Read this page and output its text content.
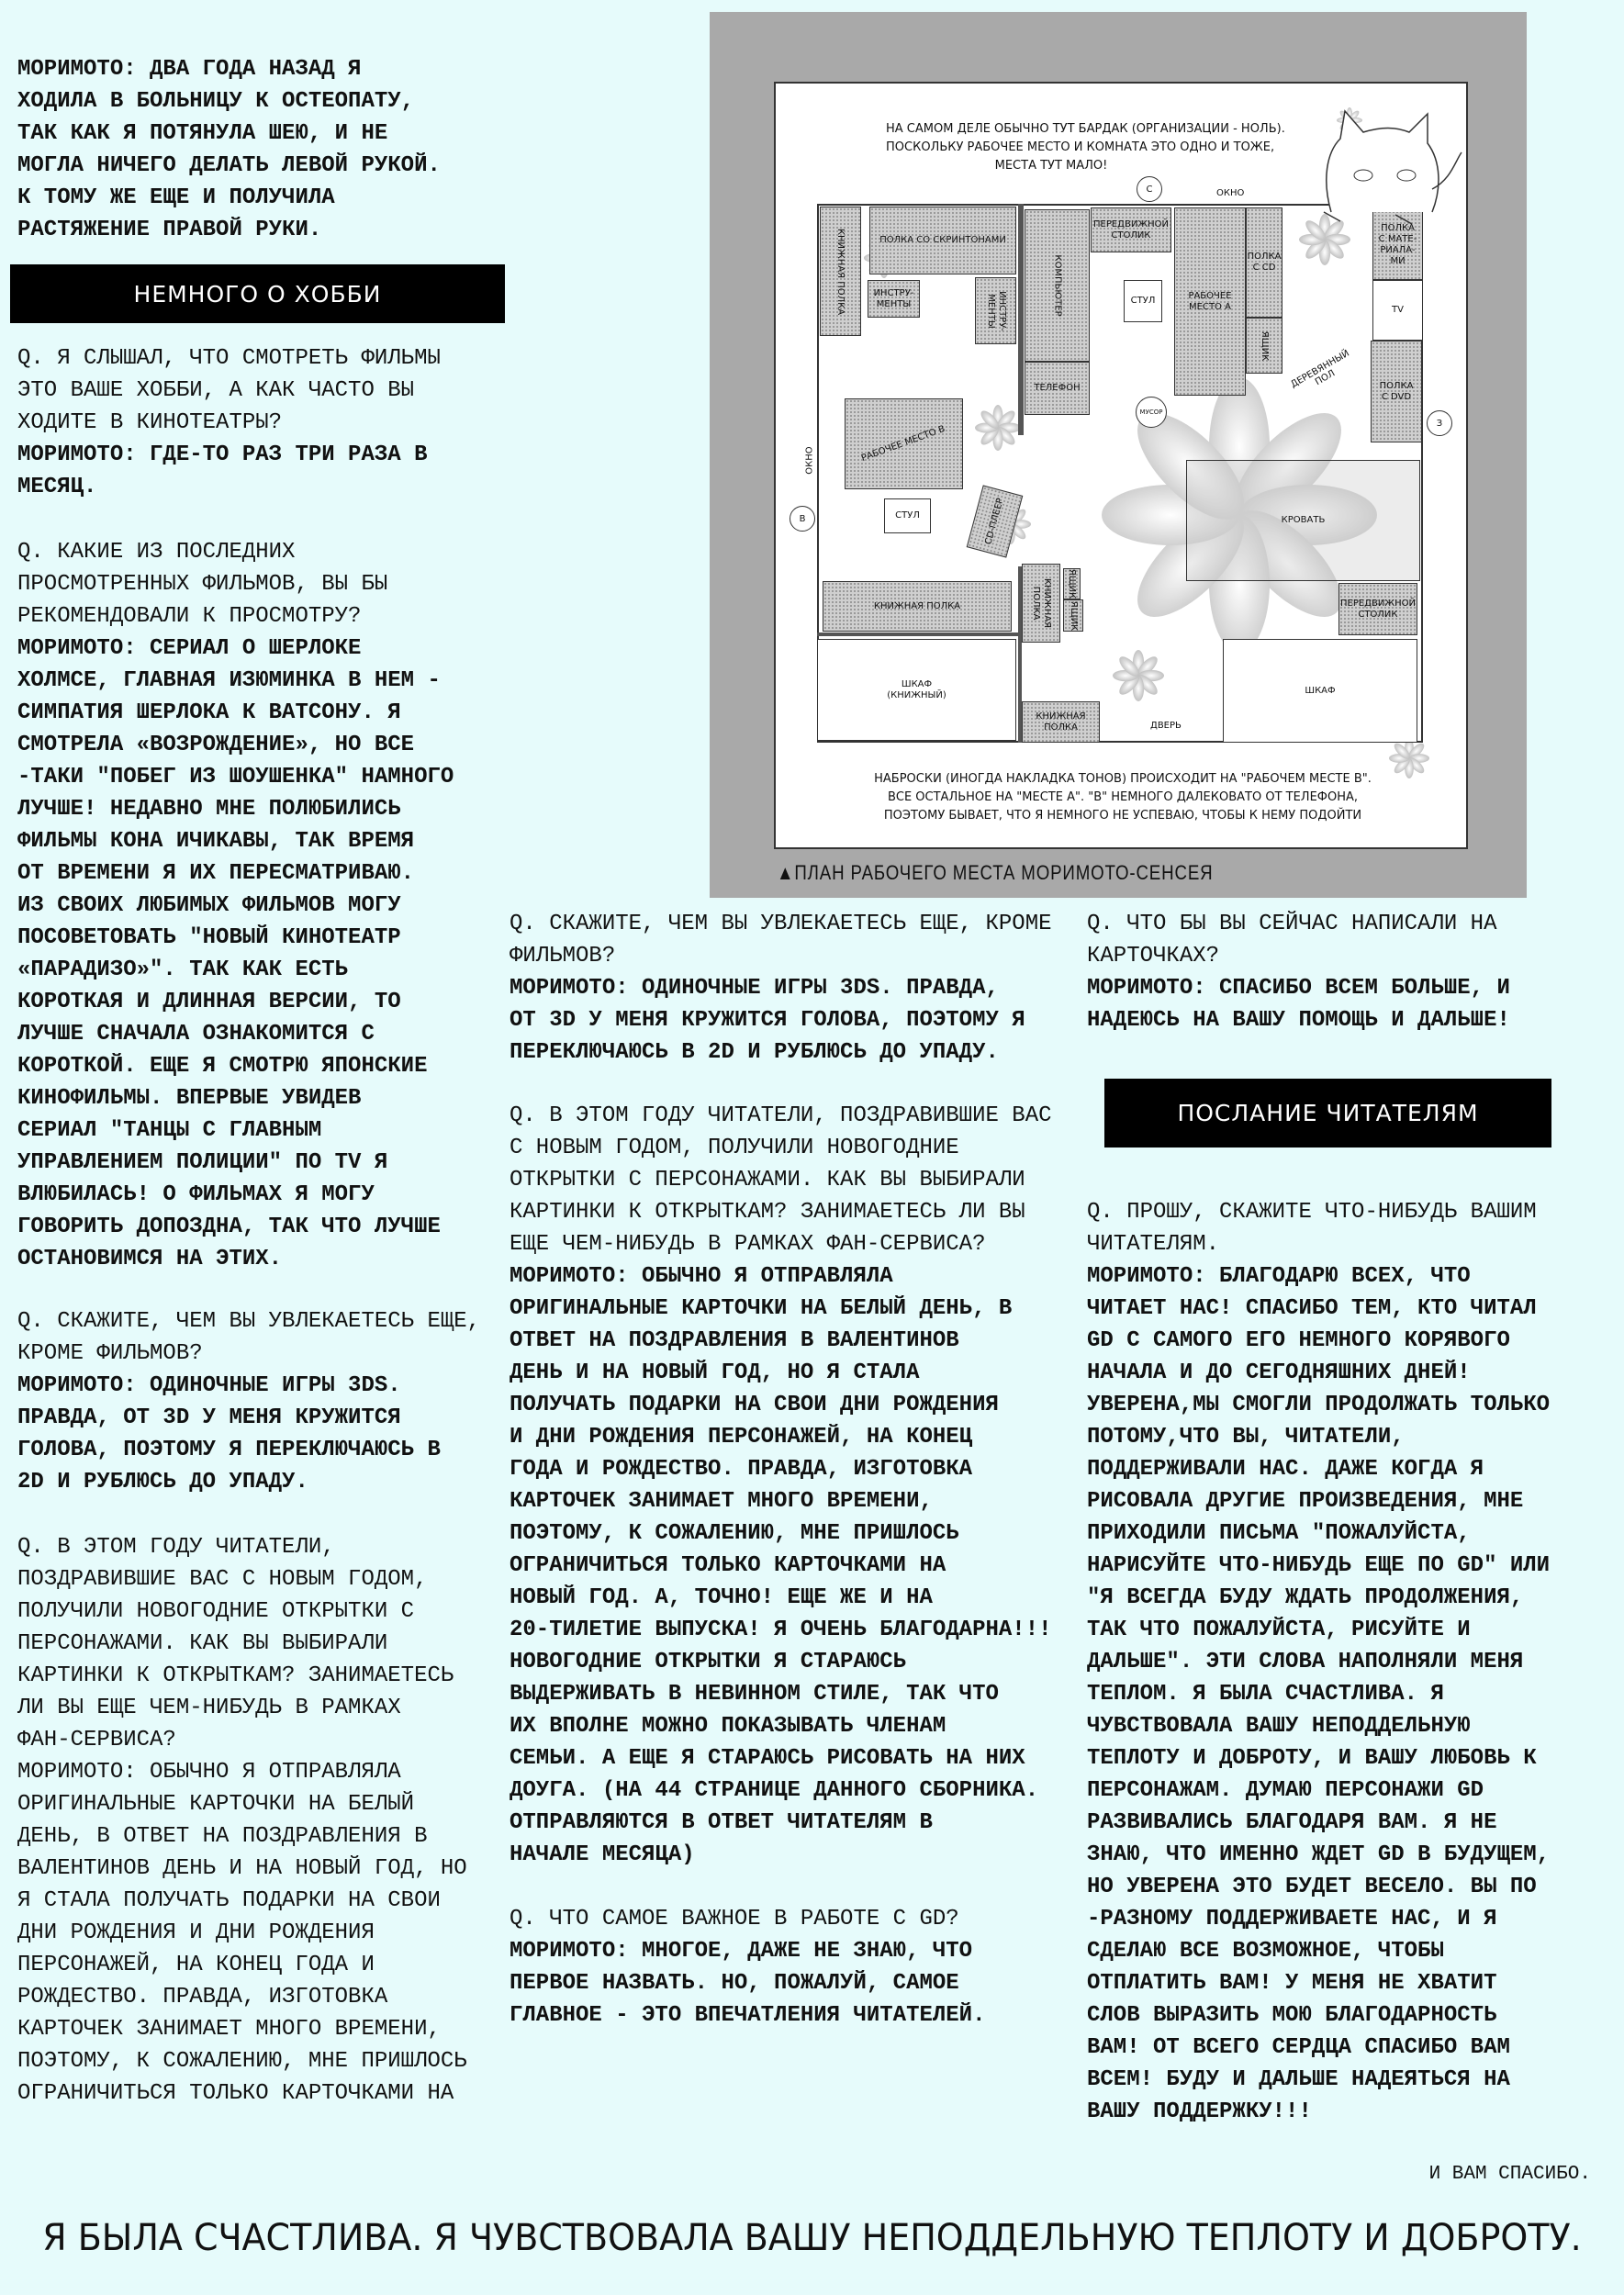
МОРИМОТО: ДВА ГОДА НАЗАД Я
ХОДИЛА В БОЛЬНИЦУ К ОСТЕОПАТУ,
ТАК КАК Я ПОТЯНУЛА ШЕЮ, И НЕ
МОГЛА НИЧЕГО ДЕЛАТЬ ЛЕВОЙ РУКОЙ.
К ТОМУ ЖЕ ЕЩЕ И ПОЛУЧИЛА
РАСТЯЖЕНИЕ ПРАВОЙ РУКИ.
НЕМНОГО О ХОББИ
Q. Я СЛЫШАЛ, ЧТО СМОТРЕТЬ ФИЛЬМЫ
ЭТО ВАШЕ ХОББИ, А КАК ЧАСТО ВЫ
ХОДИТЕ В КИНОТЕАТРЫ?
МОРИМОТО: ГДЕ-ТО РАЗ ТРИ РАЗА В
МЕСЯЦ.
Q. КАКИЕ ИЗ ПОСЛЕДНИХ
ПРОСМОТРЕННЫХ ФИЛЬМОВ, ВЫ БЫ
РЕКОМЕНДОВАЛИ К ПРОСМОТРУ?
МОРИМОТО: СЕРИАЛ О ШЕРЛОКЕ
ХОЛМСЕ, ГЛАВНАЯ ИЗЮМИНКА В НЕМ -
СИМПАТИЯ ШЕРЛОКА К ВАТСОНУ. Я
СМОТРЕЛА «ВОЗРОЖДЕНИЕ», НО ВСЕ
-ТАКИ "ПОБЕГ ИЗ ШОУШЕНКА" НАМНОГО
ЛУЧШЕ! НЕДАВНО МНЕ ПОЛЮБИЛИСЬ
ФИЛЬМЫ КОНА ИЧИКАВЫ, ТАК ВРЕМЯ
ОТ ВРЕМЕНИ Я ИХ ПЕРЕСМАТРИВАЮ.
ИЗ СВОИХ ЛЮБИМЫХ ФИЛЬМОВ МОГУ
ПОСОВЕТОВАТЬ "НОВЫЙ КИНОТЕАТР
«ПАРАДИЗО»". ТАК КАК ЕСТЬ
КОРОТКАЯ И ДЛИННАЯ ВЕРСИИ, ТО
ЛУЧШЕ СНАЧАЛА ОЗНАКОМИТСЯ С
КОРОТКОЙ. ЕЩЕ Я СМОТРЮ ЯПОНСКИЕ
КИНОФИЛЬМЫ. ВПЕРВЫЕ УВИДЕВ
СЕРИАЛ "ТАНЦЫ С ГЛАВНЫМ
УПРАВЛЕНИЕМ ПОЛИЦИИ" ПО TV Я
ВЛЮБИЛАСЬ! О ФИЛЬМАХ Я МОГУ
ГОВОРИТЬ ДОПОЗДНА, ТАК ЧТО ЛУЧШЕ
ОСТАНОВИМСЯ НА ЭТИХ.
Q. СКАЖИТЕ, ЧЕМ ВЫ УВЛЕКАЕТЕСЬ ЕЩЕ,
КРОМЕ ФИЛЬМОВ?
МОРИМОТО: ОДИНОЧНЫЕ ИГРЫ 3DS.
ПРАВДА, ОТ 3D У МЕНЯ КРУЖИТСЯ
ГОЛОВА, ПОЭТОМУ Я ПЕРЕКЛЮЧАЮСЬ В
2D И РУБЛЮСЬ ДО УПАДУ.
Q. В ЭТОМ ГОДУ ЧИТАТЕЛИ,
ПОЗДРАВИВШИЕ ВАС С НОВЫМ ГОДОМ,
ПОЛУЧИЛИ НОВОГОДНИЕ ОТКРЫТКИ С
ПЕРСОНАЖАМИ. КАК ВЫ ВЫБИРАЛИ
КАРТИНКИ К ОТКРЫТКАМ? ЗАНИМАЕТЕСЬ
ЛИ ВЫ ЕЩЕ ЧЕМ-НИБУДЬ В РАМКАХ
ФАН-СЕРВИСА?
МОРИМОТО: ОБЫЧНО Я ОТПРАВЛЯЛА
ОРИГИНАЛЬНЫЕ КАРТОЧКИ НА БЕЛЫЙ
ДЕНЬ, В ОТВЕТ НА ПОЗДРАВЛЕНИЯ В
ВАЛЕНТИНОВ ДЕНЬ И НА НОВЫЙ ГОД, НО
Я СТАЛА ПОЛУЧАТЬ ПОДАРКИ НА СВОИ
ДНИ РОЖДЕНИЯ И ДНИ РОЖДЕНИЯ
ПЕРСОНАЖЕЙ, НА КОНЕЦ ГОДА И
РОЖДЕСТВО. ПРАВДА, ИЗГОТОВКА
КАРТОЧЕК ЗАНИМАЕТ МНОГО ВРЕМЕНИ,
ПОЭТОМУ, К СОЖАЛЕНИЮ, МНЕ ПРИШЛОСЬ
ОГРАНИЧИТЬСЯ ТОЛЬКО КАРТОЧКАМИ НА
Q. СКАЖИТЕ, ЧЕМ ВЫ УВЛЕКАЕТЕСЬ ЕЩЕ, КРОМЕ
ФИЛЬМОВ?
МОРИМОТО: ОДИНОЧНЫЕ ИГРЫ 3DS. ПРАВДА,
ОТ 3D У МЕНЯ КРУЖИТСЯ ГОЛОВА, ПОЭТОМУ Я
ПЕРЕКЛЮЧАЮСЬ В 2D И РУБЛЮСЬ ДО УПАДУ.
Q. В ЭТОМ ГОДУ ЧИТАТЕЛИ, ПОЗДРАВИВШИЕ ВАС
С НОВЫМ ГОДОМ, ПОЛУЧИЛИ НОВОГОДНИЕ
ОТКРЫТКИ С ПЕРСОНАЖАМИ. КАК ВЫ ВЫБИРАЛИ
КАРТИНКИ К ОТКРЫТКАМ? ЗАНИМАЕТЕСЬ ЛИ ВЫ
ЕЩЕ ЧЕМ-НИБУДЬ В РАМКАХ ФАН-СЕРВИСА?
МОРИМОТО: ОБЫЧНО Я ОТПРАВЛЯЛА
ОРИГИНАЛЬНЫЕ КАРТОЧКИ НА БЕЛЫЙ ДЕНЬ, В
ОТВЕТ НА ПОЗДРАВЛЕНИЯ В ВАЛЕНТИНОВ
ДЕНЬ И НА НОВЫЙ ГОД, НО Я СТАЛА
ПОЛУЧАТЬ ПОДАРКИ НА СВОИ ДНИ РОЖДЕНИЯ
И ДНИ РОЖДЕНИЯ ПЕРСОНАЖЕЙ, НА КОНЕЦ
ГОДА И РОЖДЕСТВО. ПРАВДА, ИЗГОТОВКА
КАРТОЧЕК ЗАНИМАЕТ МНОГО ВРЕМЕНИ,
ПОЭТОМУ, К СОЖАЛЕНИЮ, МНЕ ПРИШЛОСЬ
ОГРАНИЧИТЬСЯ ТОЛЬКО КАРТОЧКАМИ НА
НОВЫЙ ГОД. А, ТОЧНО! ЕЩЕ ЖЕ И НА
20-ТИЛЕТИЕ ВЫПУСКА! Я ОЧЕНЬ БЛАГОДАРНА!!!
НОВОГОДНИЕ ОТКРЫТКИ Я СТАРАЮСЬ
ВЫДЕРЖИВАТЬ В НЕВИННОМ СТИЛЕ, ТАК ЧТО
ИХ ВПОЛНЕ МОЖНО ПОКАЗЫВАТЬ ЧЛЕНАМ
СЕМЬИ. А ЕЩЕ Я СТАРАЮСЬ РИСОВАТЬ НА НИХ
ДОУГА. (НА 44 СТРАНИЦЕ ДАННОГО СБОРНИКА.
ОТПРАВЛЯЮТСЯ В ОТВЕТ ЧИТАТЕЛЯМ В
НАЧАЛЕ МЕСЯЦА)
Q. ЧТО САМОЕ ВАЖНОЕ В РАБОТЕ С GD?
МОРИМОТО: МНОГОЕ, ДАЖЕ НЕ ЗНАЮ, ЧТО
ПЕРВОЕ НАЗВАТЬ. НО, ПОЖАЛУЙ, САМОЕ
ГЛАВНОЕ - ЭТО ВПЕЧАТЛЕНИЯ ЧИТАТЕЛЕЙ.
Q. ЧТО БЫ ВЫ СЕЙЧАС НАПИСАЛИ НА
КАРТОЧКАХ?
МОРИМОТО: СПАСИБО ВСЕМ БОЛЬШЕ, И
НАДЕЮСЬ НА ВАШУ ПОМОЩЬ И ДАЛЬШЕ!
ПОСЛАНИЕ ЧИТАТЕЛЯМ
Q. ПРОШУ, СКАЖИТЕ ЧТО-НИБУДЬ ВАШИМ
ЧИТАТЕЛЯМ.
МОРИМОТО: БЛАГОДАРЮ ВСЕХ, ЧТО
ЧИТАЕТ НАС! СПАСИБО ТЕМ, КТО ЧИТАЛ
GD С САМОГО ЕГО НЕМНОГО КОРЯВОГО
НАЧАЛА И ДО СЕГОДНЯШНИХ ДНЕЙ!
УВЕРЕНА,МЫ СМОГЛИ ПРОДОЛЖАТЬ ТОЛЬКО
ПОТОМУ,ЧТО ВЫ, ЧИТАТЕЛИ,
ПОДДЕРЖИВАЛИ НАС. ДАЖЕ КОГДА Я
РИСОВАЛА ДРУГИЕ ПРОИЗВЕДЕНИЯ, МНЕ
ПРИХОДИЛИ ПИСЬМА "ПОЖАЛУЙСТА,
НАРИСУЙТЕ ЧТО-НИБУДЬ ЕЩЕ ПО GD" ИЛИ
"Я ВСЕГДА БУДУ ЖДАТЬ ПРОДОЛЖЕНИЯ,
ТАК ЧТО ПОЖАЛУЙСТА, РИСУЙТЕ И
ДАЛЬШЕ". ЭТИ СЛОВА НАПОЛНЯЛИ МЕНЯ
ТЕПЛОМ. Я БЫЛА СЧАСТЛИВА. Я
ЧУВСТВОВАЛА ВАШУ НЕПОДДЕЛЬНУЮ
ТЕПЛОТУ И ДОБРОТУ, И ВАШУ ЛЮБОВЬ К
ПЕРСОНАЖАМ. ДУМАЮ ПЕРСОНАЖИ GD
РАЗВИВАЛИСЬ БЛАГОДАРЯ ВАМ. Я НЕ
ЗНАЮ, ЧТО ИМЕННО ЖДЕТ GD В БУДУЩЕМ,
НО УВЕРЕНА ЭТО БУДЕТ ВЕСЕЛО. ВЫ ПО
-РАЗНОМУ ПОДДЕРЖИВАЕТЕ НАС, И Я
СДЕЛАЮ ВСЕ ВОЗМОЖНОЕ, ЧТОБЫ
ОТПЛАТИТЬ ВАМ! У МЕНЯ НЕ ХВАТИТ
СЛОВ ВЫРАЗИТЬ МОЮ БЛАГОДАРНОСТЬ
ВАМ! ОТ ВСЕГО СЕРДЦА СПАСИБО ВАМ
ВСЕМ! БУДУ И ДАЛЬШЕ НАДЕЯТЬСЯ НА
ВАШУ ПОДДЕРЖКУ!!!
И ВАМ СПАСИБО.
Я БЫЛА СЧАСТЛИВА. Я ЧУВСТВОВАЛА ВАШУ НЕПОДДЕЛЬНУЮ ТЕПЛОТУ И ДОБРОТУ.
КНИЖНАЯ ПОЛКА	ПОЛКА СО СКРИНТОНАМИ
ИНСТРУ-
МЕНТЫ	ИНСТРУ-
МЕНТЫ	КОМПЬЮТЕР
ТЕЛЕФОН
ПЕРЕДВИЖНОЙ
СТОЛИК
СТУЛ	РАБОЧЕЕ
МЕСТО А
ПОЛКА
С CD
ЯЩИК
ПОЛКА
С МАТЕ-
РИАЛА-
МИ
TV
ПОЛКА
С DVD
РАБОЧЕЕ МЕСТО В
СТУЛ	CD-ПЛЕЕР
КНИЖНАЯ ПОЛКА
ШКАФ
(КНИЖНЫЙ)
КНИЖНАЯ
ПОЛКА
ЯЩИК
ЯЩИК
КНИЖНАЯ
ПОЛКА
КРОВАТЬ
ПЕРЕДВИЖНОЙ
СТОЛИК
ШКАФ
ОКНО
ОКНО
ДЕРЕВЯННЫЙ
ПОЛ
ДВЕРЬ
С
В
З
МУСОР
НА САМОМ ДЕЛЕ ОБЫЧНО ТУТ БАРДАК (ОРГАНИЗАЦИИ - НОЛЬ).
ПОСКОЛЬКУ РАБОЧЕЕ МЕСТО И КОМНАТА ЭТО ОДНО И ТОЖЕ,
МЕСТА ТУТ МАЛО!
НАБРОСКИ (ИНОГДА НАКЛАДКА ТОНОВ) ПРОИСХОДИТ НА "РАБОЧЕМ МЕСТЕ В".
ВСЕ ОСТАЛЬНОЕ НА "МЕСТЕ А". "В" НЕМНОГО ДАЛЕКОВАТО ОТ ТЕЛЕФОНА,
ПОЭТОМУ БЫВАЕТ, ЧТО Я НЕМНОГО НЕ УСПЕВАЮ, ЧТОБЫ К НЕМУ ПОДОЙТИ
▲ПЛАН РАБОЧЕГО МЕСТА МОРИМОТО-СЕНСЕЯ
